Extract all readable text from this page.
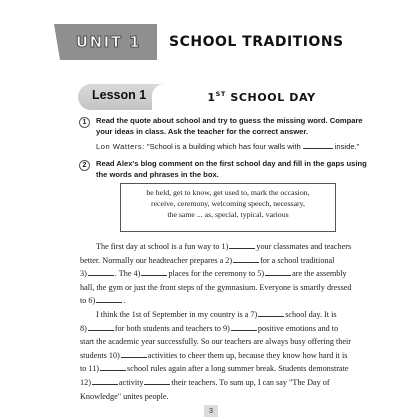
UNIT 1 SCHOOL TRADITIONS
Lesson 1	1ST SCHOOL DAY
1	Read the quote about school and try to guess the missing word. Compare your ideas in class. Ask the teacher for the correct answer.
Lon Watters: "School is a building which has four walls with	inside."
2	Read Alex's blog comment on the first school day and fill in the gaps using the words and phrases in the box.
be held, get to know, get used to, mark the occasion,
receive, ceremony, welcoming speech, necessary,
the same ... as, special, typical, various
3
The first day at school is a fun way to 1)	your classmates and teachers
better. Normally our headteacher prepares a 2)	for a school traditional
3)	. The 4)	places for the ceremony to 5)	are the assembly
hall, the gym or just the front steps of the gymnasium. Everyone is smartly dressed
to 6)	.
I think the 1st of September in my country is a 7)	school day. It is
8)	for both students and teachers to 9)	positive emotions and to
start the academic year successfully. So our teachers are always busy offering their
students 10)	activities to cheer them up, because they know how hard it is
to 11)	school rules again after a long summer break. Students demonstrate
12)	activity	their teachers. To sum up, I can say "The Day of
Knowledge" unites people.
